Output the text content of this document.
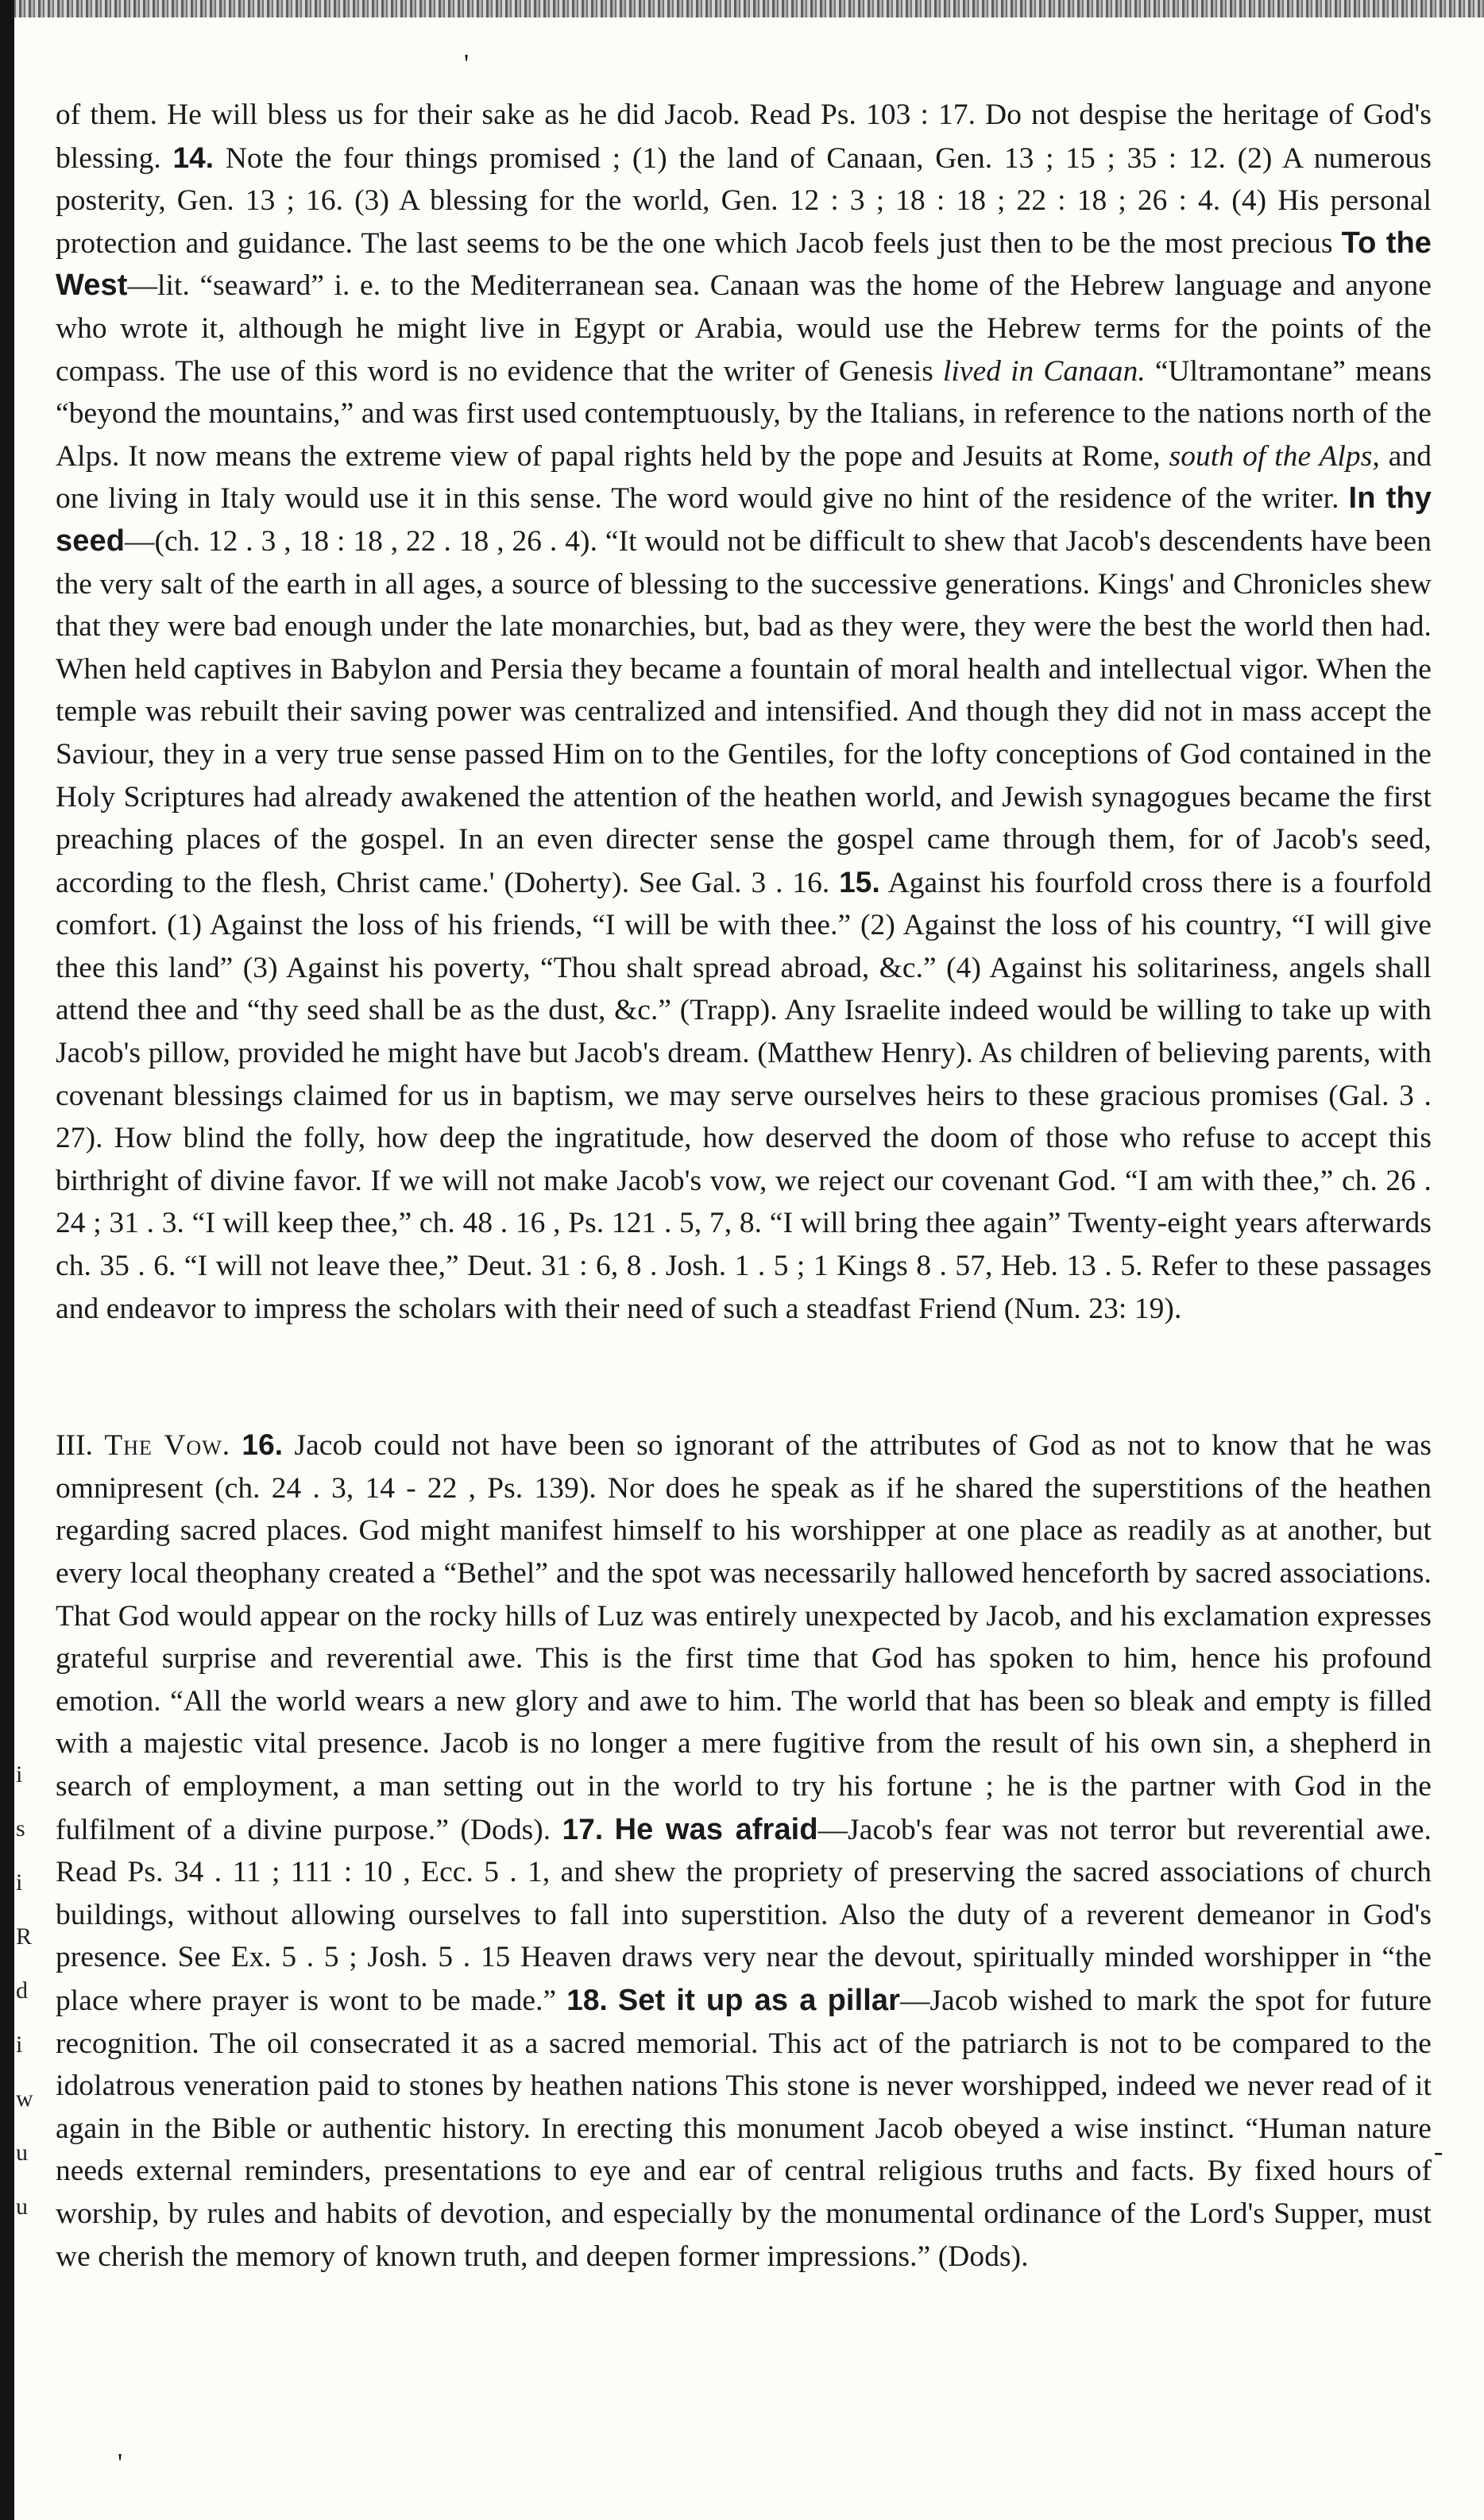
i
s
i
R
d
i
w
u
u
'
'
-

of them. He will bless us for their sake as he did Jacob. Read Ps. 103 : 17. Do not despise the heritage of God's blessing. 14. Note the four things promised ; (1) the land of Canaan, Gen. 13 ; 15 ; 35 : 12. (2) A numerous posterity, Gen. 13 ; 16. (3) A blessing for the world, Gen. 12 : 3 ; 18 : 18 ; 22 : 18 ; 26 : 4. (4) His personal protection and guidance. The last seems to be the one which Jacob feels just then to be the most precious To the West—lit. “seaward” i. e. to the Mediterranean sea. Canaan was the home of the Hebrew language and anyone who wrote it, although he might live in Egypt or Arabia, would use the Hebrew terms for the points of the compass. The use of this word is no evidence that the writer of Genesis lived in Canaan. “Ultramontane” means “beyond the mountains,” and was first used contemptuously, by the Italians, in reference to the nations north of the Alps. It now means the extreme view of papal rights held by the pope and Jesuits at Rome, south of the Alps, and one living in Italy would use it in this sense. The word would give no hint of the residence of the writer. In thy seed—(ch. 12 . 3 , 18 : 18 , 22 . 18 , 26 . 4). “It would not be difficult to shew that Jacob's descendents have been the very salt of the earth in all ages, a source of blessing to the successive generations. Kings' and Chronicles shew that they were bad enough under the late monarchies, but, bad as they were, they were the best the world then had. When held captives in Babylon and Persia they became a fountain of moral health and intellectual vigor. When the temple was rebuilt their saving power was centralized and intensified. And though they did not in mass accept the Saviour, they in a very true sense passed Him on to the Gentiles, for the lofty conceptions of God contained in the Holy Scriptures had already awakened the attention of the heathen world, and Jewish synagogues became the first preaching places of the gospel. In an even directer sense the gospel came through them, for of Jacob's seed, according to the flesh, Christ came.' (Doherty). See Gal. 3 . 16. 15. Against his fourfold cross there is a fourfold comfort. (1) Against the loss of his friends, “I will be with thee.” (2) Against the loss of his country, “I will give thee this land” (3) Against his poverty, “Thou shalt spread abroad, &c.” (4) Against his solitariness, angels shall attend thee and “thy seed shall be as the dust, &c.” (Trapp). Any Israelite indeed would be willing to take up with Jacob's pillow, provided he might have but Jacob's dream. (Matthew Henry). As children of believing parents, with covenant blessings claimed for us in baptism, we may serve ourselves heirs to these gracious promises (Gal. 3 . 27). How blind the folly, how deep the ingratitude, how deserved the doom of those who refuse to accept this birthright of divine favor. If we will not make Jacob's vow, we reject our covenant God. “I am with thee,” ch. 26 . 24 ; 31 . 3. “I will keep thee,” ch. 48 . 16 , Ps. 121 . 5, 7, 8. “I will bring thee again” Twenty-eight years afterwards ch. 35 . 6. “I will not leave thee,” Deut. 31 : 6, 8 . Josh. 1 . 5 ; 1 Kings 8 . 57, Heb. 13 . 5. Refer to these passages and endeavor to impress the scholars with their need of such a steadfast Friend (Num. 23: 19).

III. The Vow. 16. Jacob could not have been so ignorant of the attributes of God as not to know that he was omnipresent (ch. 24 . 3, 14 - 22 , Ps. 139). Nor does he speak as if he shared the superstitions of the heathen regarding sacred places. God might manifest himself to his worshipper at one place as readily as at another, but every local theophany created a “Bethel” and the spot was necessarily hallowed henceforth by sacred associations. That God would appear on the rocky hills of Luz was entirely unexpected by Jacob, and his exclamation expresses grateful surprise and reverential awe. This is the first time that God has spoken to him, hence his profound emotion. “All the world wears a new glory and awe to him. The world that has been so bleak and empty is filled with a majestic vital presence. Jacob is no longer a mere fugitive from the result of his own sin, a shepherd in search of employment, a man setting out in the world to try his fortune ; he is the partner with God in the fulfilment of a divine purpose.” (Dods). 17. He was afraid—Jacob's fear was not terror but reverential awe. Read Ps. 34 . 11 ; 111 : 10 , Ecc. 5 . 1, and shew the propriety of preserving the sacred associations of church buildings, without allowing ourselves to fall into superstition. Also the duty of a reverent demeanor in God's presence. See Ex. 5 . 5 ; Josh. 5 . 15 Heaven draws very near the devout, spiritually minded worshipper in “the place where prayer is wont to be made.” 18. Set it up as a pillar—Jacob wished to mark the spot for future recognition. The oil consecrated it as a sacred memorial. This act of the patriarch is not to be compared to the idolatrous veneration paid to stones by heathen nations This stone is never worshipped, indeed we never read of it again in the Bible or authentic history. In erecting this monument Jacob obeyed a wise instinct. “Human nature needs external reminders, presentations to eye and ear of central religious truths and facts. By fixed hours of worship, by rules and habits of devotion, and especially by the monumental ordinance of the Lord's Supper, must we cherish the memory of known truth, and deepen former impressions.” (Dods).
